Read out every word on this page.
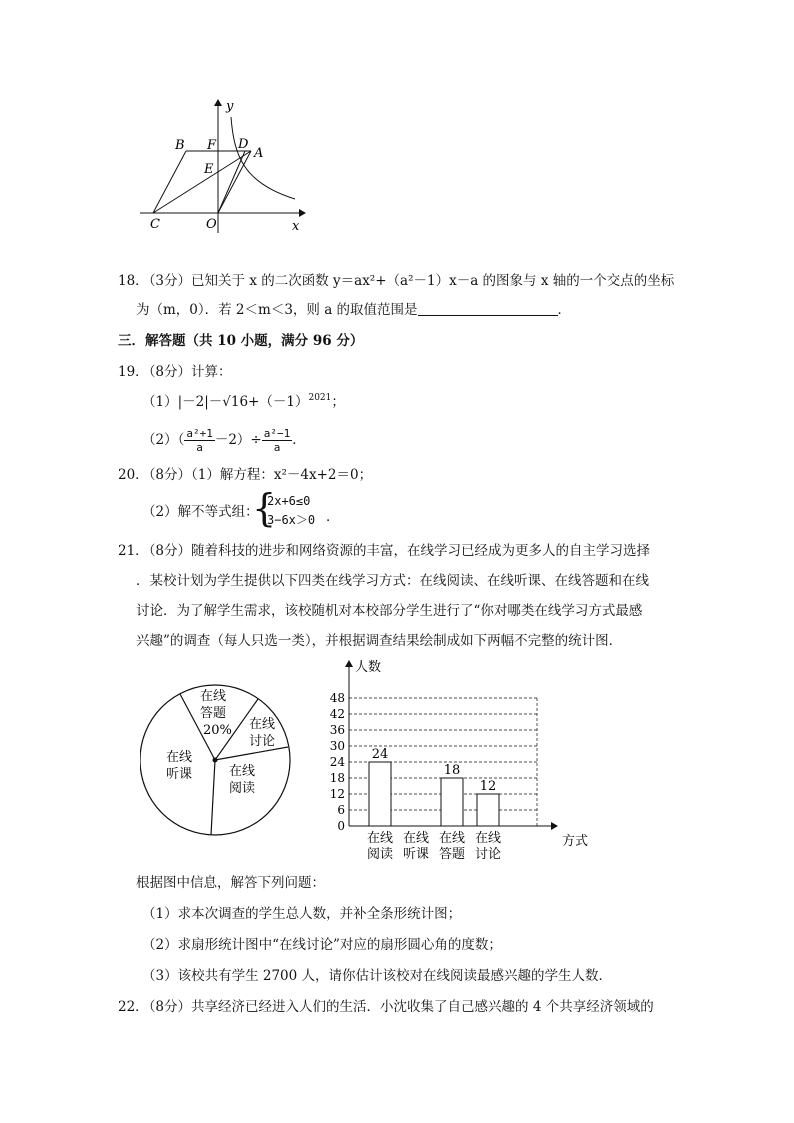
y
B F D
A
E
C	O	x
18．（3分）已知关于 x 的二次函数 y＝ax²+（a²－1）x－a 的图象与 x 轴的一个交点的坐标
为（m，0）．若 2＜m＜3，则 a 的取值范围是	．
三．解答题（共 10 小题，满分 96 分）
19．（8分）计算：
$(1)|-2|-√16+(-1)^{2021}$；
$(2)( \frac{\text{a²+1}}{a} -2)\div \frac{\text{a²−1}}{a}$ ．
20．（8分）（1）解方程：x²－4x+2＝0；
（2）解不等式组：
{
2x+6≤0
3−6x＞0 ．
21．（8分）随着科技的进步和网络资源的丰富，在线学习已经成为更多人的自主学习选择
．某校计划为学生提供以下四类在线学习方式：在线阅读、在线听课、在线答题和在线
讨论．为了解学生需求，该校随机对本校部分学生进行了“你对哪类在线学习方式最感
兴趣”的调查（每人只选一类），并根据调查结果绘制成如下两幅不完整的统计图．
在线
答题
20% 在线
讨论
在线
听课	在线
阅读
人数
方式
0
6
12
18
24
30
36
42
48
24
在线
阅读
在线
听课
18
在线
答题
12
在线
讨论
根据图中信息，解答下列问题：
（1）求本次调查的学生总人数，并补全条形统计图；
（2）求扇形统计图中“在线讨论”对应的扇形圆心角的度数；
（3）该校共有学生 2700 人，请你估计该校对在线阅读最感兴趣的学生人数．
22．（8分）共享经济已经进入人们的生活．小沈收集了自己感兴趣的 4 个共享经济领域的
